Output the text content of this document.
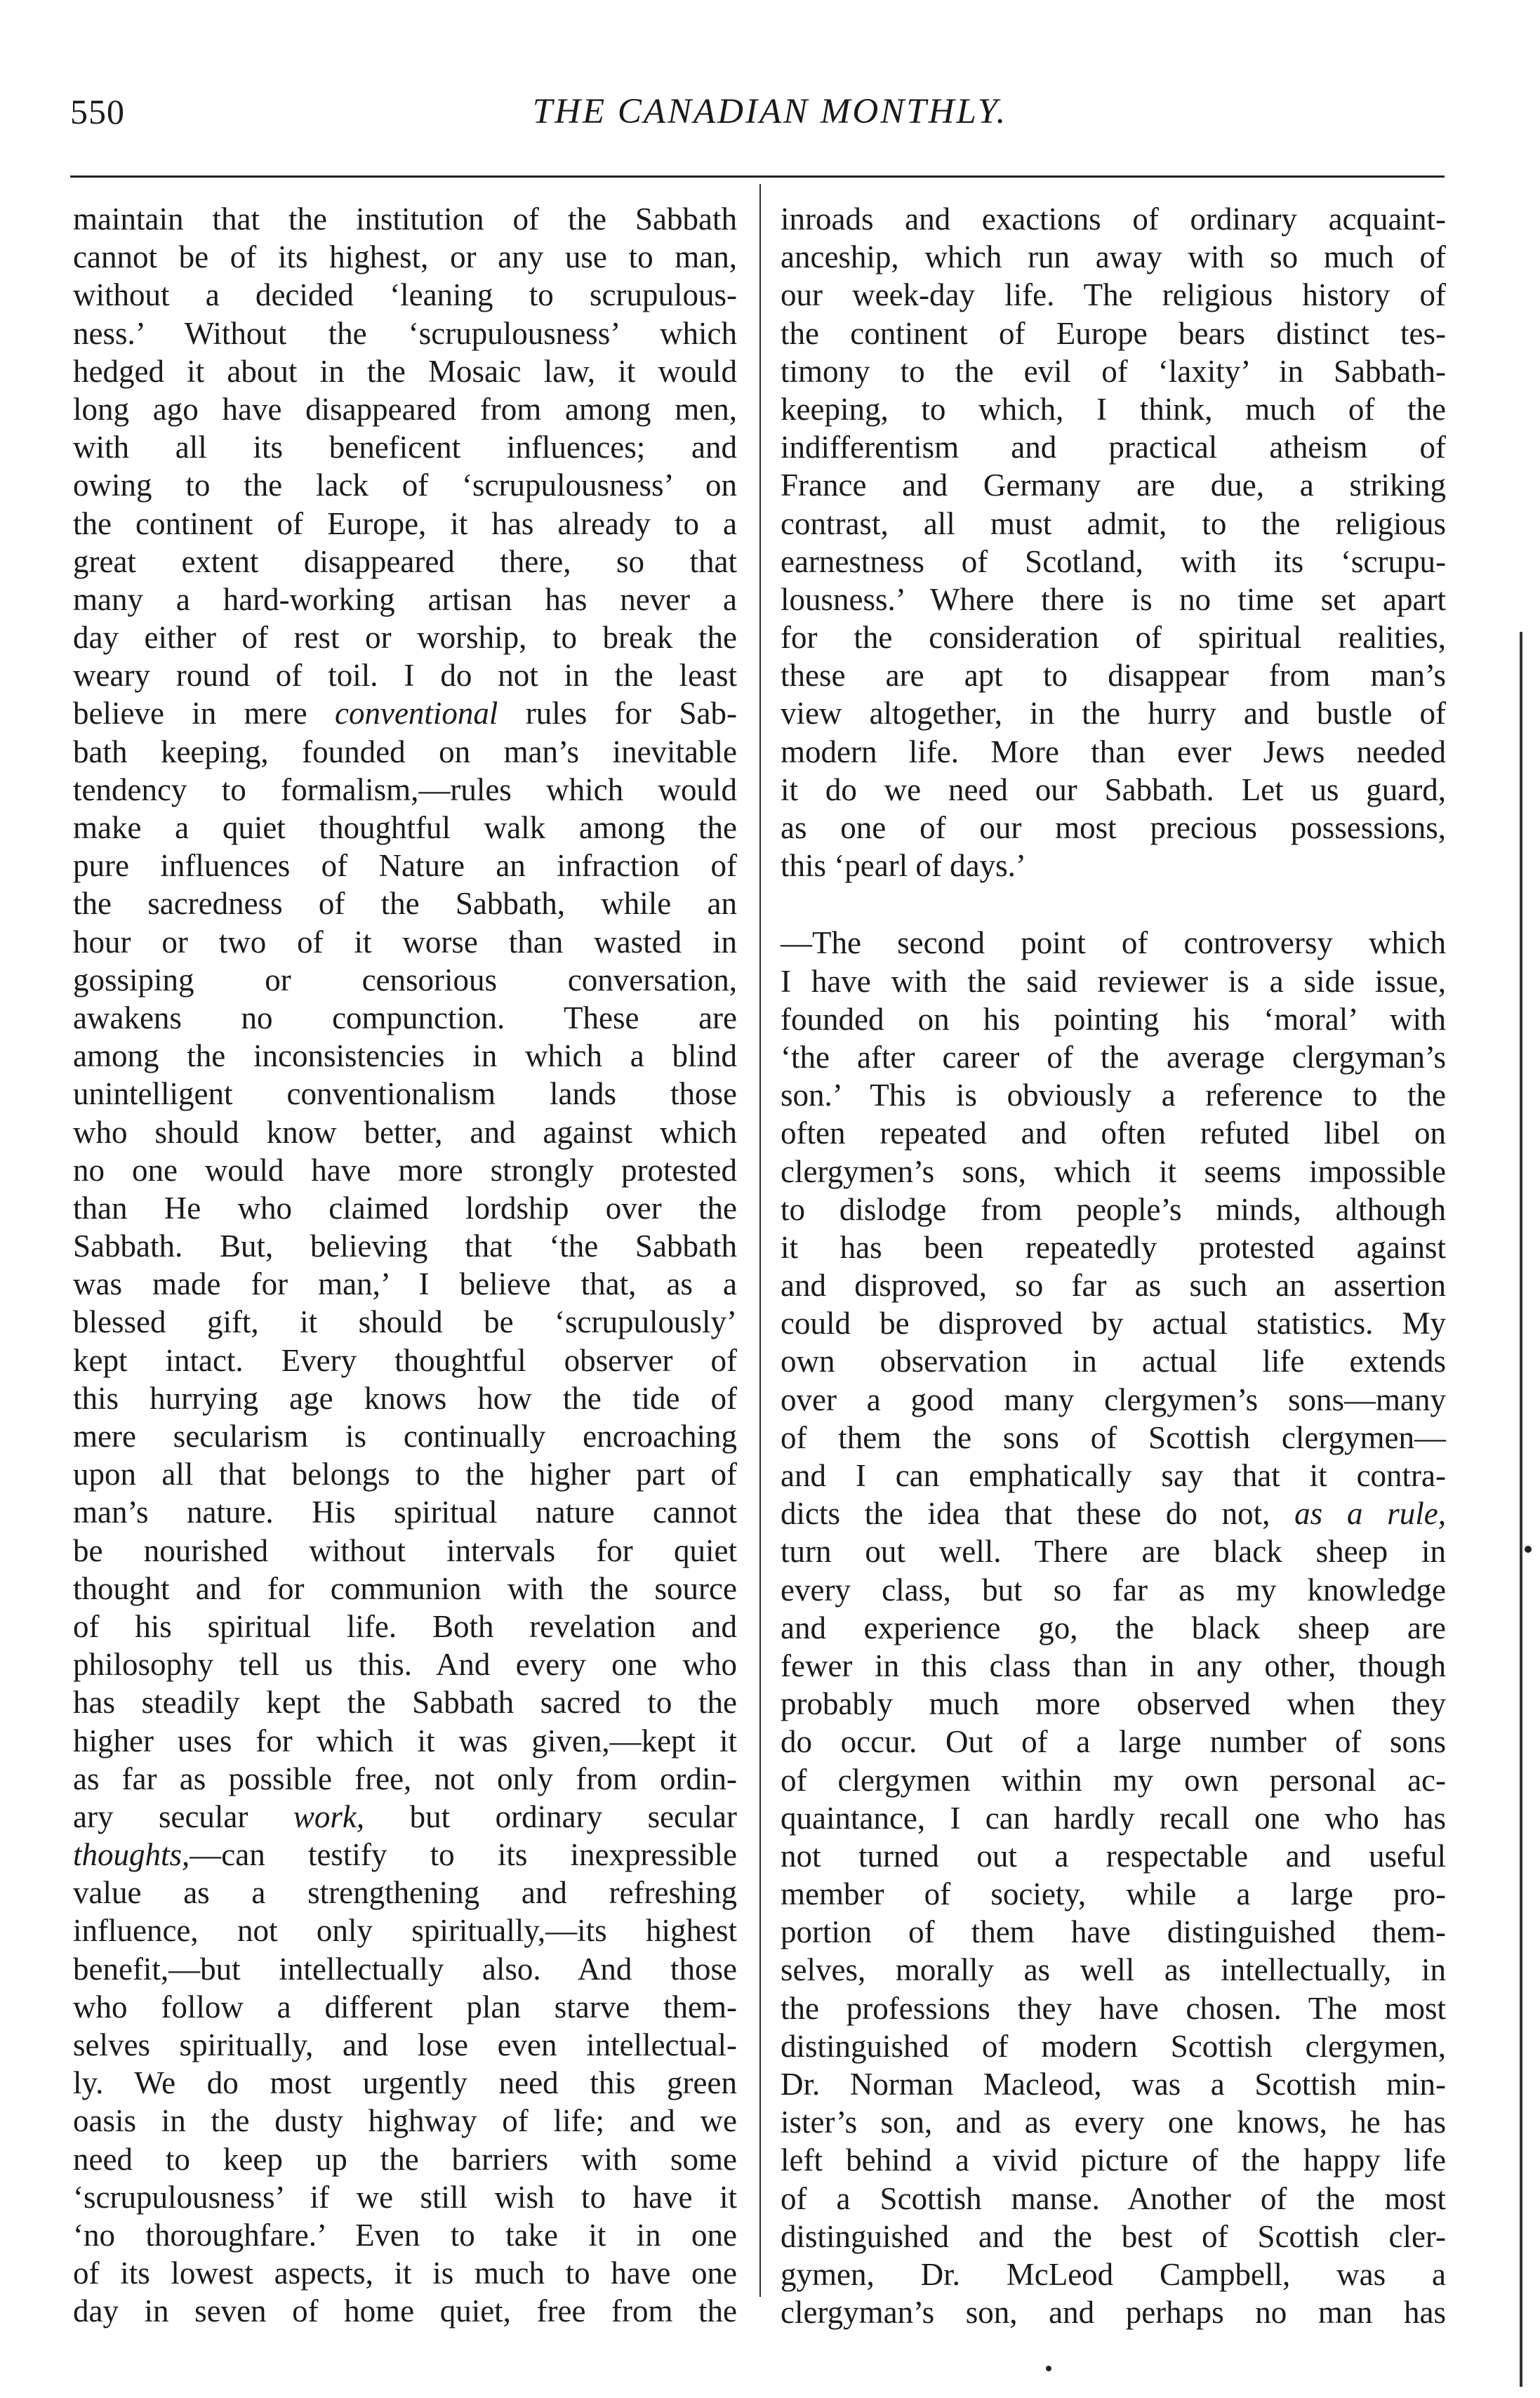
550	THE CANADIAN MONTHLY.
maintain that the institution of the Sabbath
cannot be of its highest, or any use to man,
without a decided ‘leaning to scrupulous-
ness.’ Without the ‘scrupulousness’ which
hedged it about in the Mosaic law, it would
long ago have disappeared from among men,
with all its beneficent influences; and
owing to the lack of ‘scrupulousness’ on
the continent of Europe, it has already to a
great extent disappeared there, so that
many a hard-working artisan has never a
day either of rest or worship, to break the
weary round of toil. I do not in the least
believe in mere conventional rules for Sab-
bath keeping, founded on man’s inevitable
tendency to formalism,—rules which would
make a quiet thoughtful walk among the
pure influences of Nature an infraction of
the sacredness of the Sabbath, while an
hour or two of it worse than wasted in
gossiping or censorious conversation,
awakens no compunction. These are
among the inconsistencies in which a blind
unintelligent conventionalism lands those
who should know better, and against which
no one would have more strongly protested
than He who claimed lordship over the
Sabbath. But, believing that ‘the Sabbath
was made for man,’ I believe that, as a
blessed gift, it should be ‘scrupulously’
kept intact. Every thoughtful observer of
this hurrying age knows how the tide of
mere secularism is continually encroaching
upon all that belongs to the higher part of
man’s nature. His spiritual nature cannot
be nourished without intervals for quiet
thought and for communion with the source
of his spiritual life. Both revelation and
philosophy tell us this. And every one who
has steadily kept the Sabbath sacred to the
higher uses for which it was given,—kept it
as far as possible free, not only from ordin-
ary secular work, but ordinary secular
thoughts,—can testify to its inexpressible
value as a strengthening and refreshing
influence, not only spiritually,—its highest
benefit,—but intellectually also. And those
who follow a different plan starve them-
selves spiritually, and lose even intellectual-
ly. We do most urgently need this green
oasis in the dusty highway of life; and we
need to keep up the barriers with some
‘scrupulousness’ if we still wish to have it
‘no thoroughfare.’ Even to take it in one
of its lowest aspects, it is much to have one
day in seven of home quiet, free from the
inroads and exactions of ordinary acquaint-
anceship, which run away with so much of
our week-day life. The religious history of
the continent of Europe bears distinct tes-
timony to the evil of ‘laxity’ in Sabbath-
keeping, to which, I think, much of the
indifferentism and practical atheism of
France and Germany are due, a striking
contrast, all must admit, to the religious
earnestness of Scotland, with its ‘scrupu-
lousness.’ Where there is no time set apart
for the consideration of spiritual realities,
these are apt to disappear from man’s
view altogether, in the hurry and bustle of
modern life. More than ever Jews needed
it do we need our Sabbath. Let us guard,
as one of our most precious possessions,
this ‘pearl of days.’
—The second point of controversy which
I have with the said reviewer is a side issue,
founded on his pointing his ‘moral’ with
‘the after career of the average clergyman’s
son.’ This is obviously a reference to the
often repeated and often refuted libel on
clergymen’s sons, which it seems impossible
to dislodge from people’s minds, although
it has been repeatedly protested against
and disproved, so far as such an assertion
could be disproved by actual statistics. My
own observation in actual life extends
over a good many clergymen’s sons—many
of them the sons of Scottish clergymen—
and I can emphatically say that it contra-
dicts the idea that these do not, as a rule,
turn out well. There are black sheep in
every class, but so far as my knowledge
and experience go, the black sheep are
fewer in this class than in any other, though
probably much more observed when they
do occur. Out of a large number of sons
of clergymen within my own personal ac-
quaintance, I can hardly recall one who has
not turned out a respectable and useful
member of society, while a large pro-
portion of them have distinguished them-
selves, morally as well as intellectually, in
the professions they have chosen. The most
distinguished of modern Scottish clergymen,
Dr. Norman Macleod, was a Scottish min-
ister’s son, and as every one knows, he has
left behind a vivid picture of the happy life
of a Scottish manse. Another of the most
distinguished and the best of Scottish cler-
gymen, Dr. McLeod Campbell, was a
clergyman’s son, and perhaps no man has
